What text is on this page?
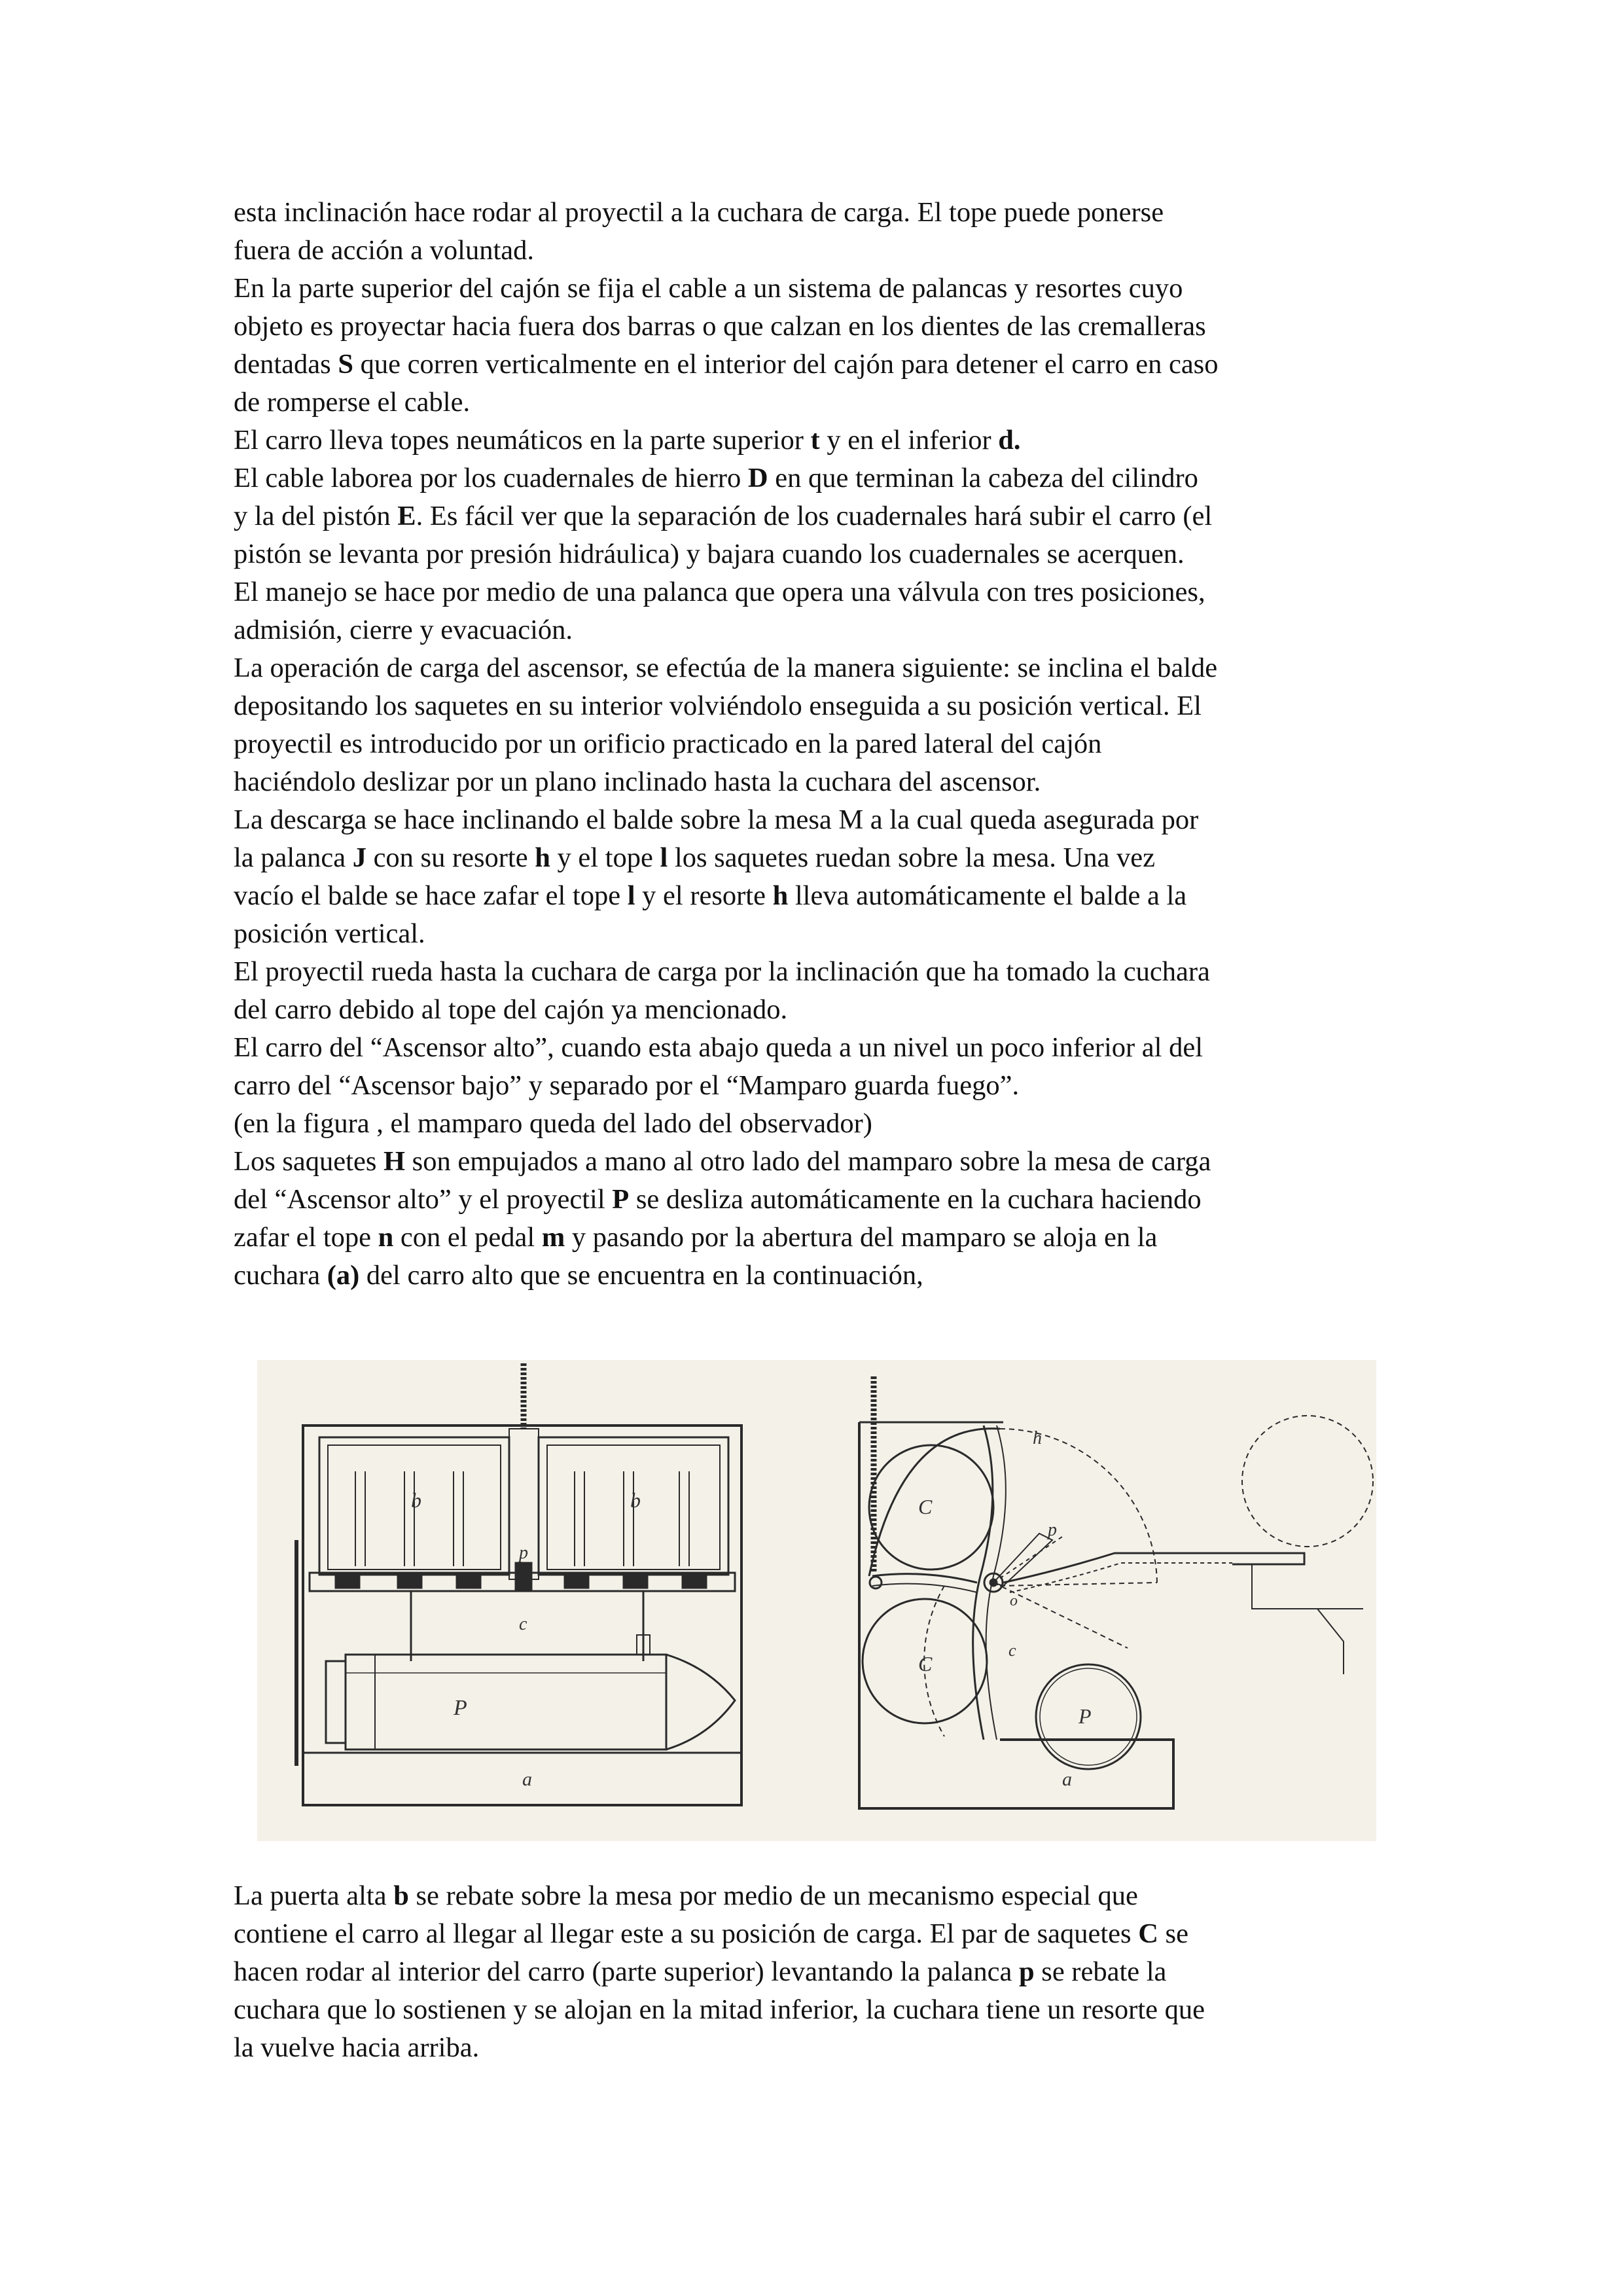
esta inclinación hace rodar al proyectil a la cuchara de carga. El tope puede ponerse
fuera de acción a voluntad.
En la parte superior del cajón se fija el cable a un sistema de palancas y resortes cuyo
objeto es proyectar hacia fuera dos barras o que calzan en los dientes de las cremalleras
dentadas S que corren verticalmente en el interior del cajón para detener el carro en caso
de romperse el cable.
El carro lleva topes neumáticos en la parte superior t y en el inferior d.
El cable laborea por los cuadernales de hierro D en que terminan la cabeza del cilindro
y la del pistón E. Es fácil ver que la separación de los cuadernales hará subir el carro (el
pistón se levanta por presión hidráulica) y bajara cuando los cuadernales se acerquen.
El manejo se hace por medio de una palanca que opera una válvula con tres posiciones,
admisión, cierre y evacuación.
La operación de carga del ascensor, se efectúa de la manera siguiente: se inclina el balde
depositando los saquetes en su interior volviéndolo enseguida a su posición vertical. El
proyectil es introducido por un orificio practicado en la pared lateral del cajón
haciéndolo deslizar por un plano inclinado hasta la cuchara del ascensor.
La descarga se hace inclinando el balde sobre la mesa M a la cual queda asegurada por
la palanca J con su resorte h y el tope l los saquetes ruedan sobre la mesa. Una vez
vacío el balde se hace zafar el tope l y el resorte h lleva automáticamente el balde a la
posición vertical.
El proyectil rueda hasta la cuchara de carga por la inclinación que ha tomado la cuchara
del carro debido al tope del cajón ya mencionado.
El carro del “Ascensor alto”, cuando esta abajo queda a un nivel un poco inferior al del
carro del “Ascensor bajo” y separado por el “Mamparo guarda fuego”.
(en la figura , el mamparo queda del lado del observador)
Los saquetes H son empujados a mano al otro lado del mamparo sobre la mesa de carga
del “Ascensor alto” y el proyectil P se desliza automáticamente en la cuchara haciendo
zafar el tope n con el pedal m y pasando por la abertura del mamparo se aloja en la
cuchara (a) del carro alto que se encuentra en la continuación,
b	b
p
c
P
a
h
p
o
C
C
c
P
a
La puerta alta b se rebate sobre la mesa por medio de un mecanismo especial que
contiene el carro al llegar al llegar este a su posición de carga. El par de saquetes C se
hacen rodar al interior del carro (parte superior) levantando la palanca p se rebate la
cuchara que lo sostienen y se alojan en la mitad inferior, la cuchara tiene un resorte que
la vuelve hacia arriba.
